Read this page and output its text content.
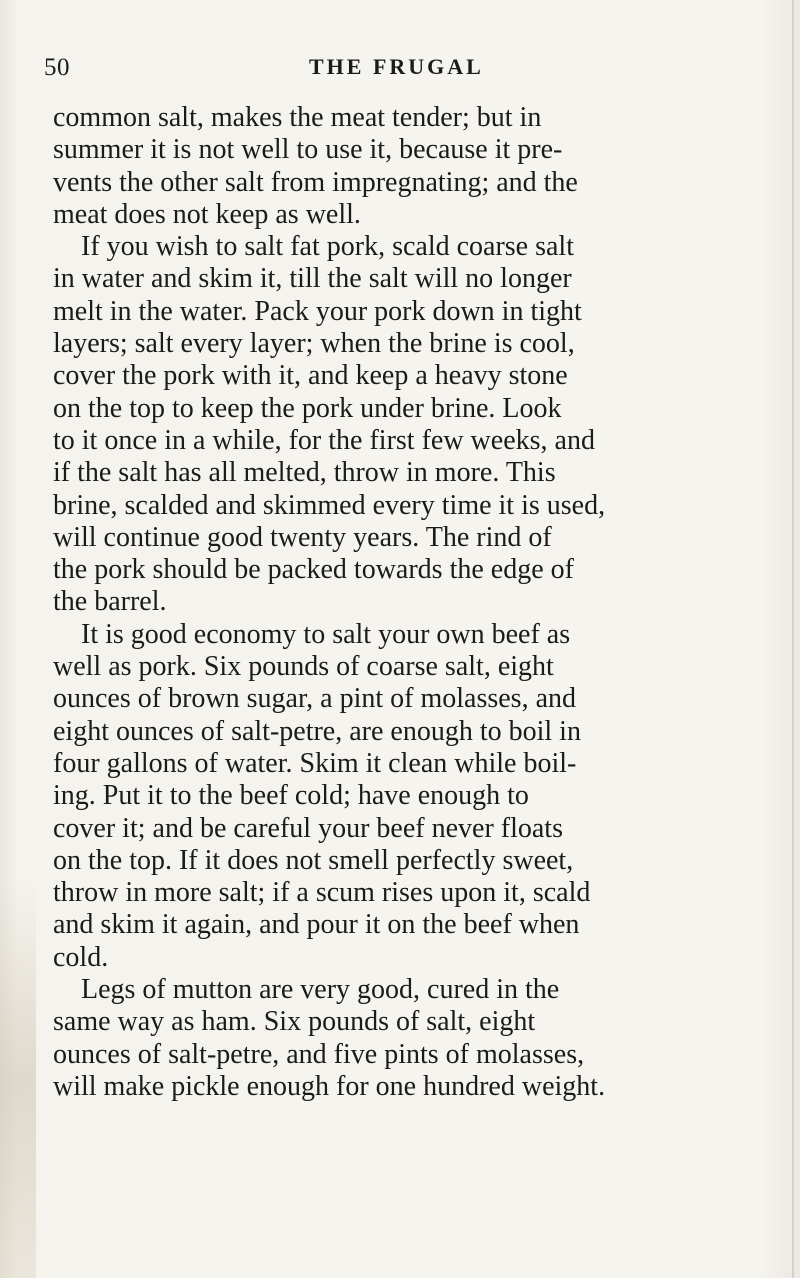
50	THE FRUGAL
common salt, makes the meat tender; but in
summer it is not well to use it, because it pre-
vents the other salt from impregnating; and the
meat does not keep as well.
If you wish to salt fat pork, scald coarse salt
in water and skim it, till the salt will no longer
melt in the water. Pack your pork down in tight
layers; salt every layer; when the brine is cool,
cover the pork with it, and keep a heavy stone
on the top to keep the pork under brine. Look
to it once in a while, for the first few weeks, and
if the salt has all melted, throw in more. This
brine, scalded and skimmed every time it is used,
will continue good twenty years. The rind of
the pork should be packed towards the edge of
the barrel.
It is good economy to salt your own beef as
well as pork. Six pounds of coarse salt, eight
ounces of brown sugar, a pint of molasses, and
eight ounces of salt-petre, are enough to boil in
four gallons of water. Skim it clean while boil-
ing. Put it to the beef cold; have enough to
cover it; and be careful your beef never floats
on the top. If it does not smell perfectly sweet,
throw in more salt; if a scum rises upon it, scald
and skim it again, and pour it on the beef when
cold.
Legs of mutton are very good, cured in the
same way as ham. Six pounds of salt, eight
ounces of salt-petre, and five pints of molasses,
will make pickle enough for one hundred weight.
